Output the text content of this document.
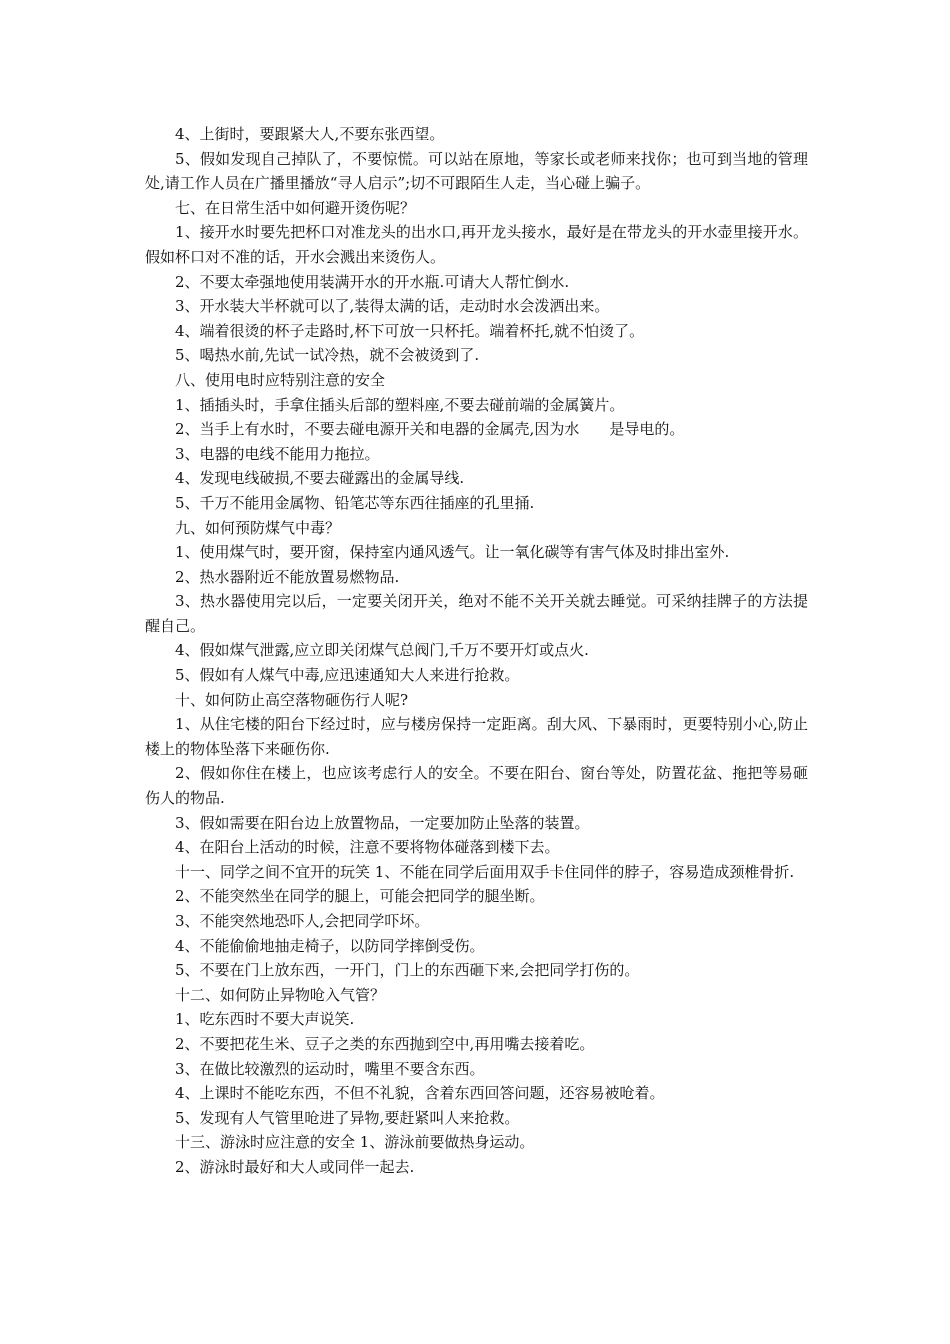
4、上街时，要跟紧大人,不要东张西望。

5、假如发现自己掉队了，不要惊慌。可以站在原地，等家长或老师来找你；也可到当地的管理处,请工作人员在广播里播放“寻人启示”;切不可跟陌生人走，当心碰上骗子。

七、在日常生活中如何避开烫伤呢？

1、接开水时要先把杯口对准龙头的出水口,再开龙头接水，最好是在带龙头的开水壶里接开水。假如杯口对不准的话，开水会溅出来烫伤人。

2、不要太牵强地使用装满开水的开水瓶.可请大人帮忙倒水.

3、开水装大半杯就可以了,装得太满的话，走动时水会泼洒出来。

4、端着很烫的杯子走路时,杯下可放一只杯托。端着杯托,就不怕烫了。

5、喝热水前,先试一试冷热，就不会被烫到了.

八、使用电时应特别注意的安全

1、插插头时，手拿住插头后部的塑料座,不要去碰前端的金属簧片。

2、当手上有水时，不要去碰电源开关和电器的金属壳,因为水　　是导电的。

3、电器的电线不能用力拖拉。

4、发现电线破损,不要去碰露出的金属导线.

5、千万不能用金属物、铅笔芯等东西往插座的孔里捅.

九、如何预防煤气中毒？

1、使用煤气时，要开窗，保持室内通风透气。让一氧化碳等有害气体及时排出室外.

2、热水器附近不能放置易燃物品.

3、热水器使用完以后，一定要关闭开关，绝对不能不关开关就去睡觉。可采纳挂牌子的方法提醒自己。

4、假如煤气泄露,应立即关闭煤气总阀门,千万不要开灯或点火.

5、假如有人煤气中毒,应迅速通知大人来进行抢救。

十、如何防止高空落物砸伤行人呢?

1、从住宅楼的阳台下经过时，应与楼房保持一定距离。刮大风、下暴雨时，更要特别小心,防止楼上的物体坠落下来砸伤你.

2、假如你住在楼上，也应该考虑行人的安全。不要在阳台、窗台等处，防置花盆、拖把等易砸伤人的物品.

3、假如需要在阳台边上放置物品，一定要加防止坠落的装置。

4、在阳台上活动的时候，注意不要将物体碰落到楼下去。

十一、同学之间不宜开的玩笑 1、不能在同学后面用双手卡住同伴的脖子，容易造成颈椎骨折.

2、不能突然坐在同学的腿上，可能会把同学的腿坐断。

3、不能突然地恐吓人,会把同学吓坏。

4、不能偷偷地抽走椅子，以防同学摔倒受伤。

5、不要在门上放东西，一开门，门上的东西砸下来,会把同学打伤的。

十二、如何防止异物呛入气管？

1、吃东西时不要大声说笑.

2、不要把花生米、豆子之类的东西抛到空中,再用嘴去接着吃。

3、在做比较激烈的运动时，嘴里不要含东西。

4、上课时不能吃东西，不但不礼貌，含着东西回答问题，还容易被呛着。

5、发现有人气管里呛进了异物,要赶紧叫人来抢救。

十三、游泳时应注意的安全 1、游泳前要做热身运动。

2、游泳时最好和大人或同伴一起去.
